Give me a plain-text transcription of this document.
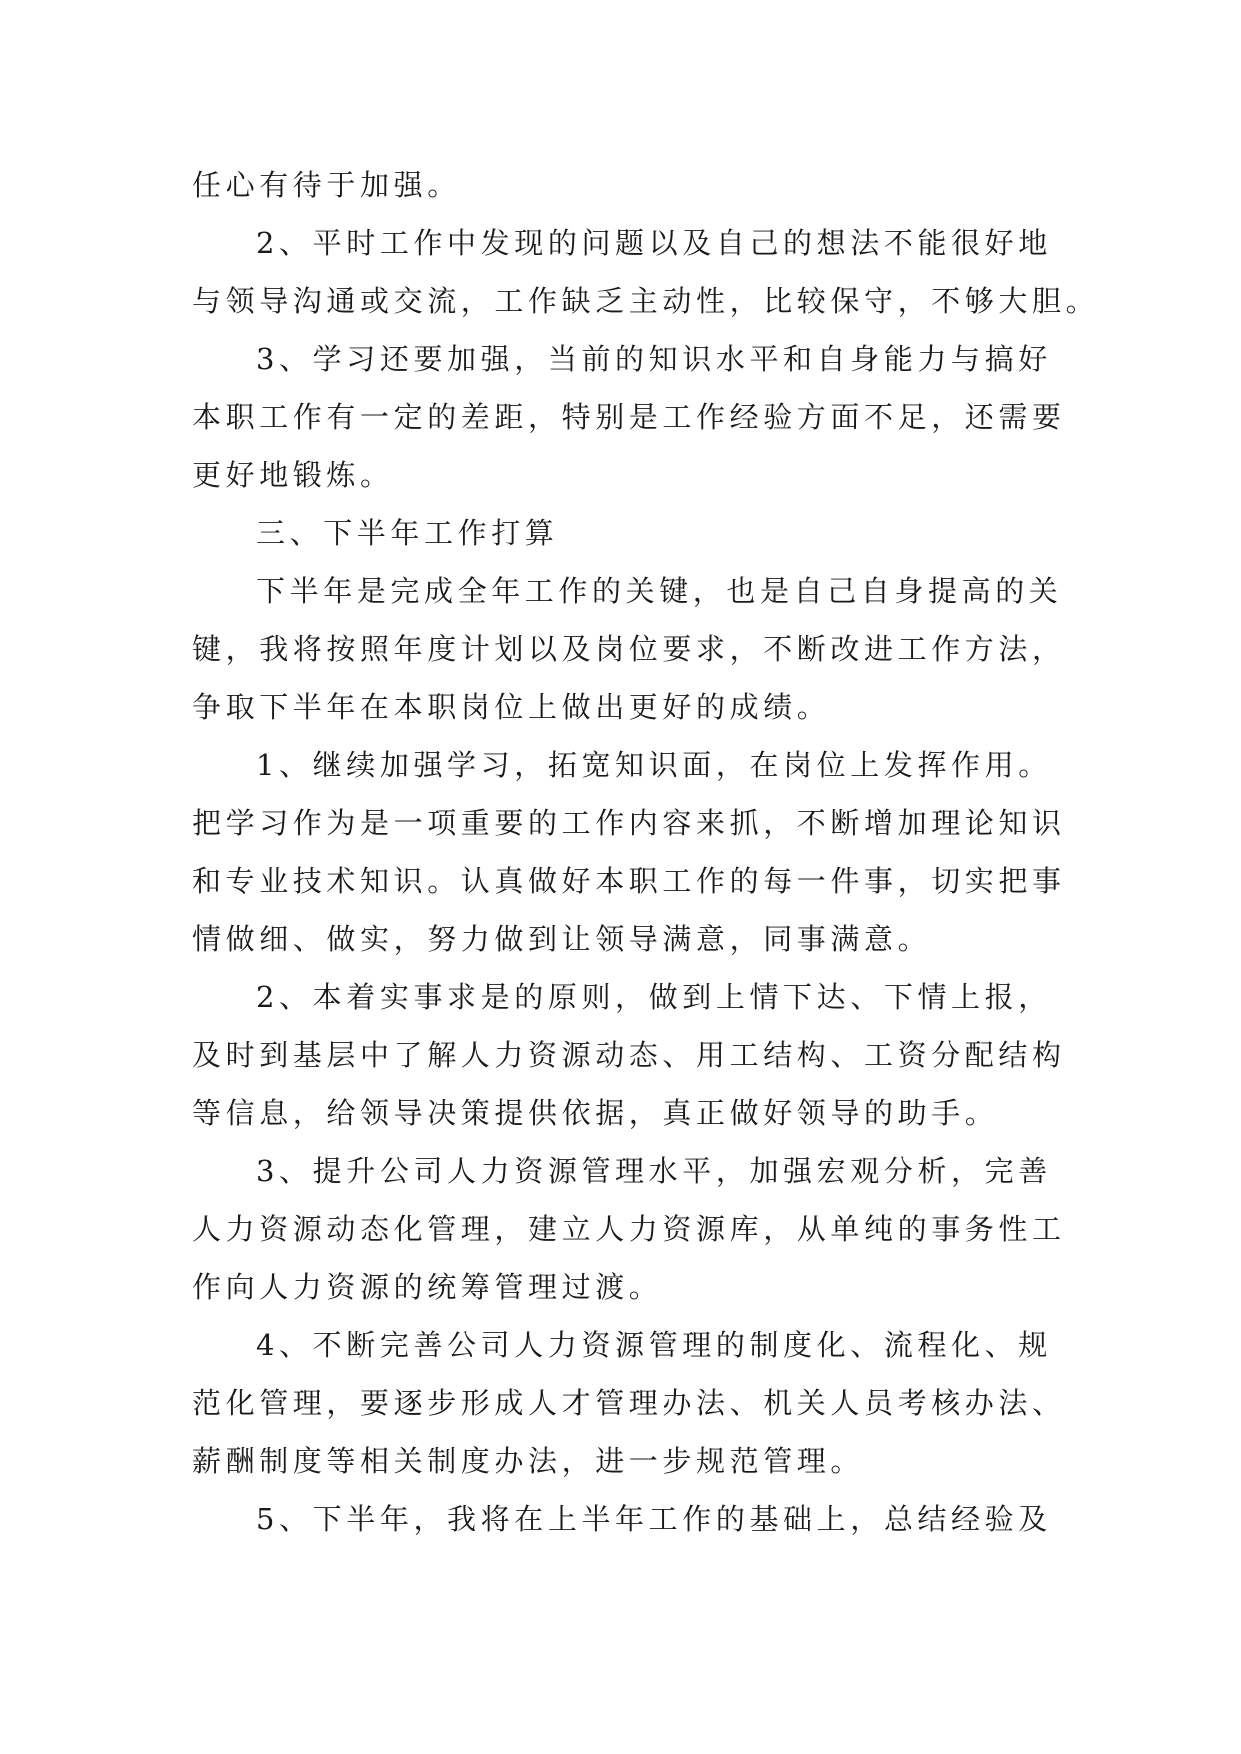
任心有待于加强。
2、平时工作中发现的问题以及自己的想法不能很好地
与领导沟通或交流，工作缺乏主动性，比较保守，不够大胆。
3、学习还要加强，当前的知识水平和自身能力与搞好
本职工作有一定的差距，特别是工作经验方面不足，还需要
更好地锻炼。
三、下半年工作打算
下半年是完成全年工作的关键，也是自己自身提高的关
键，我将按照年度计划以及岗位要求，不断改进工作方法，
争取下半年在本职岗位上做出更好的成绩。
1、继续加强学习，拓宽知识面，在岗位上发挥作用。
把学习作为是一项重要的工作内容来抓，不断增加理论知识
和专业技术知识。认真做好本职工作的每一件事，切实把事
情做细、做实，努力做到让领导满意，同事满意。
2、本着实事求是的原则，做到上情下达、下情上报，
及时到基层中了解人力资源动态、用工结构、工资分配结构
等信息，给领导决策提供依据，真正做好领导的助手。
3、提升公司人力资源管理水平，加强宏观分析，完善
人力资源动态化管理，建立人力资源库，从单纯的事务性工
作向人力资源的统筹管理过渡。
4、不断完善公司人力资源管理的制度化、流程化、规
范化管理，要逐步形成人才管理办法、机关人员考核办法、
薪酬制度等相关制度办法，进一步规范管理。
5、下半年，我将在上半年工作的基础上，总结经验及
